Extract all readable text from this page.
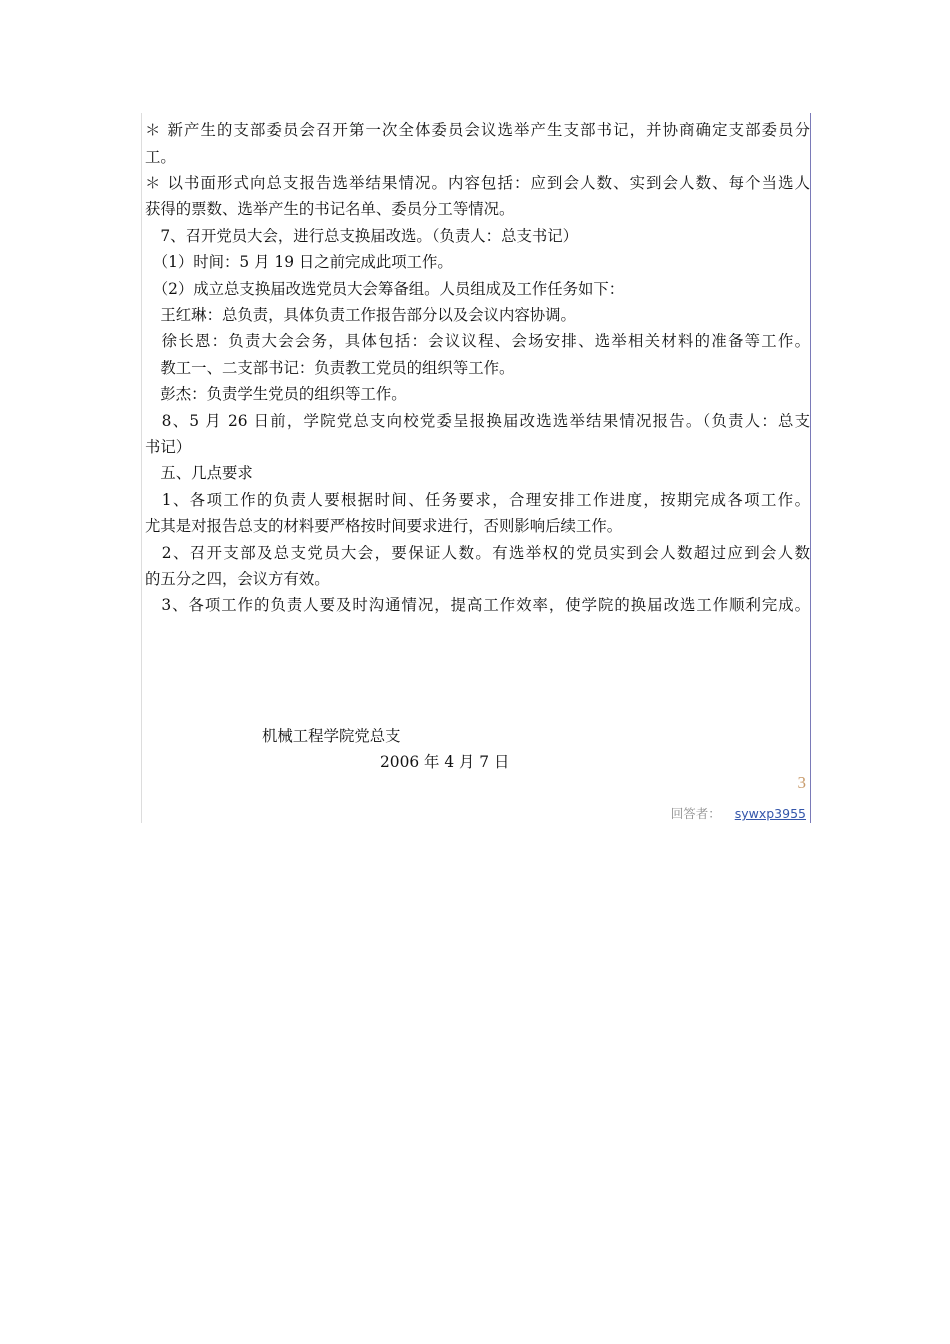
＊ 新产生的支部委员会召开第一次全体委员会议选举产生支部书记，并协商确定支部委员分
工。
＊ 以书面形式向总支报告选举结果情况。内容包括：应到会人数、实到会人数、每个当选人
获得的票数、选举产生的书记名单、委员分工等情况。
　7、召开党员大会，进行总支换届改选。（负责人：总支书记）
　（1）时间：5 月 19 日之前完成此项工作。
　（2）成立总支换届改选党员大会筹备组。人员组成及工作任务如下：
　王红琳：总负责，具体负责工作报告部分以及会议内容协调。
　徐长恩：负责大会会务，具体包括：会议议程、会场安排、选举相关材料的准备等工作。
　教工一、二支部书记：负责教工党员的组织等工作。
　彭杰：负责学生党员的组织等工作。
　8、5 月 26 日前，学院党总支向校党委呈报换届改选选举结果情况报告。（负责人：总支
书记）
　五、几点要求
　1、各项工作的负责人要根据时间、任务要求，合理安排工作进度，按期完成各项工作。
尤其是对报告总支的材料要严格按时间要求进行，否则影响后续工作。
　2、召开支部及总支党员大会，要保证人数。有选举权的党员实到会人数超过应到会人数
的五分之四，会议方有效。
　3、各项工作的负责人要及时沟通情况，提高工作效率，使学院的换届改选工作顺利完成。
机械工程学院党总支
2006 年 4 月 7 日
3
回答者： sywxp3955
